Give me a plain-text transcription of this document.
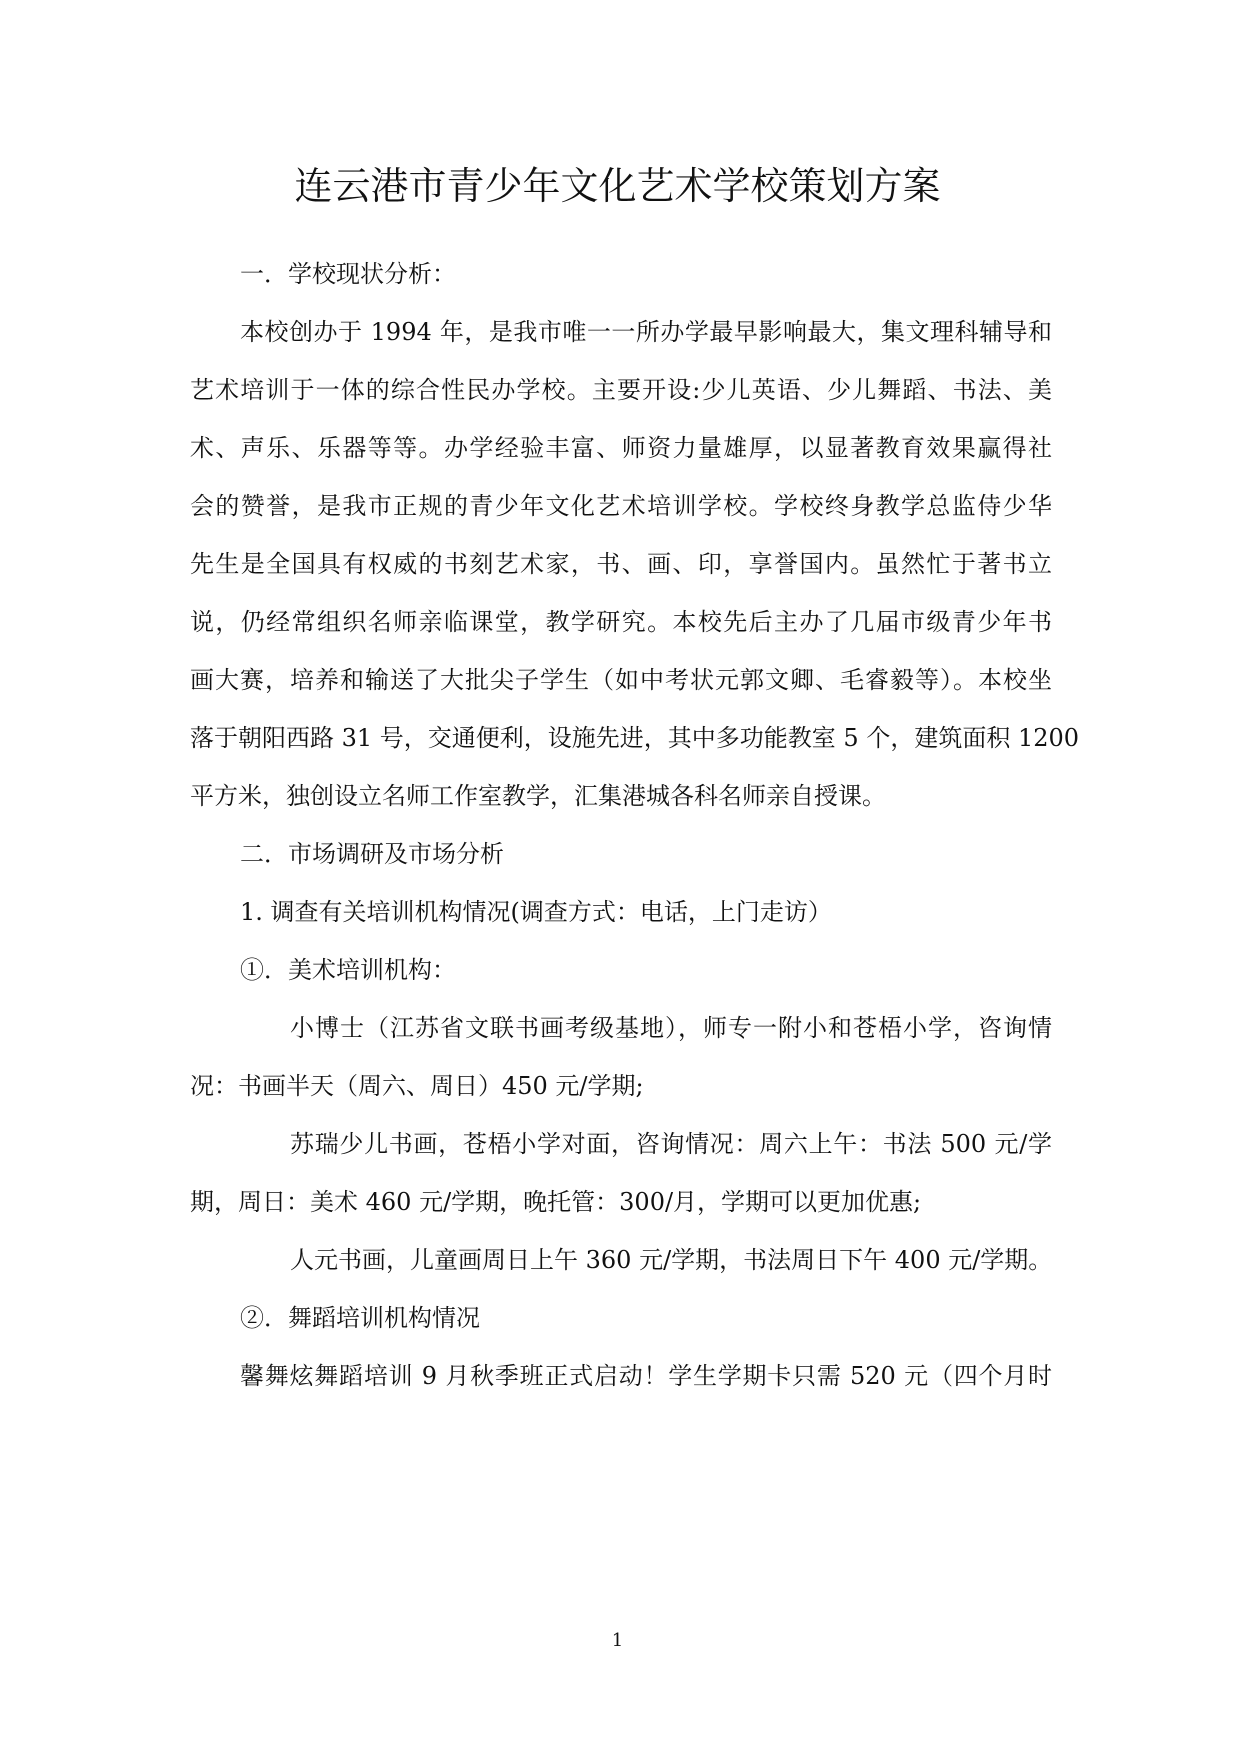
连云港市青少年文化艺术学校策划方案
一．学校现状分析：
本校创办于 1994 年，是我市唯一一所办学最早影响最大，集文理科辅导和
艺术培训于一体的综合性民办学校。主要开设:少儿英语、少儿舞蹈、书法、美
术、声乐、乐器等等。办学经验丰富、师资力量雄厚，以显著教育效果赢得社
会的赞誉，是我市正规的青少年文化艺术培训学校。学校终身教学总监侍少华
先生是全国具有权威的书刻艺术家，书、画、印，享誉国内。虽然忙于著书立
说，仍经常组织名师亲临课堂，教学研究。本校先后主办了几届市级青少年书
画大赛，培养和输送了大批尖子学生（如中考状元郭文卿、毛睿毅等）。本校坐
落于朝阳西路 31 号，交通便利，设施先进，其中多功能教室 5 个，建筑面积 1200
平方米，独创设立名师工作室教学，汇集港城各科名师亲自授课。
二．市场调研及市场分析
1. 调查有关培训机构情况(调查方式：电话，上门走访）
①．美术培训机构：
小博士（江苏省文联书画考级基地），师专一附小和苍梧小学，咨询情
况：书画半天（周六、周日）450 元/学期;
苏瑞少儿书画，苍梧小学对面，咨询情况：周六上午：书法 500 元/学
期，周日：美术 460 元/学期，晚托管：300/月，学期可以更加优惠;
人元书画，儿童画周日上午 360 元/学期，书法周日下午 400 元/学期。
②．舞蹈培训机构情况
馨舞炫舞蹈培训 9 月秋季班正式启动！学生学期卡只需 520 元（四个月时
1
